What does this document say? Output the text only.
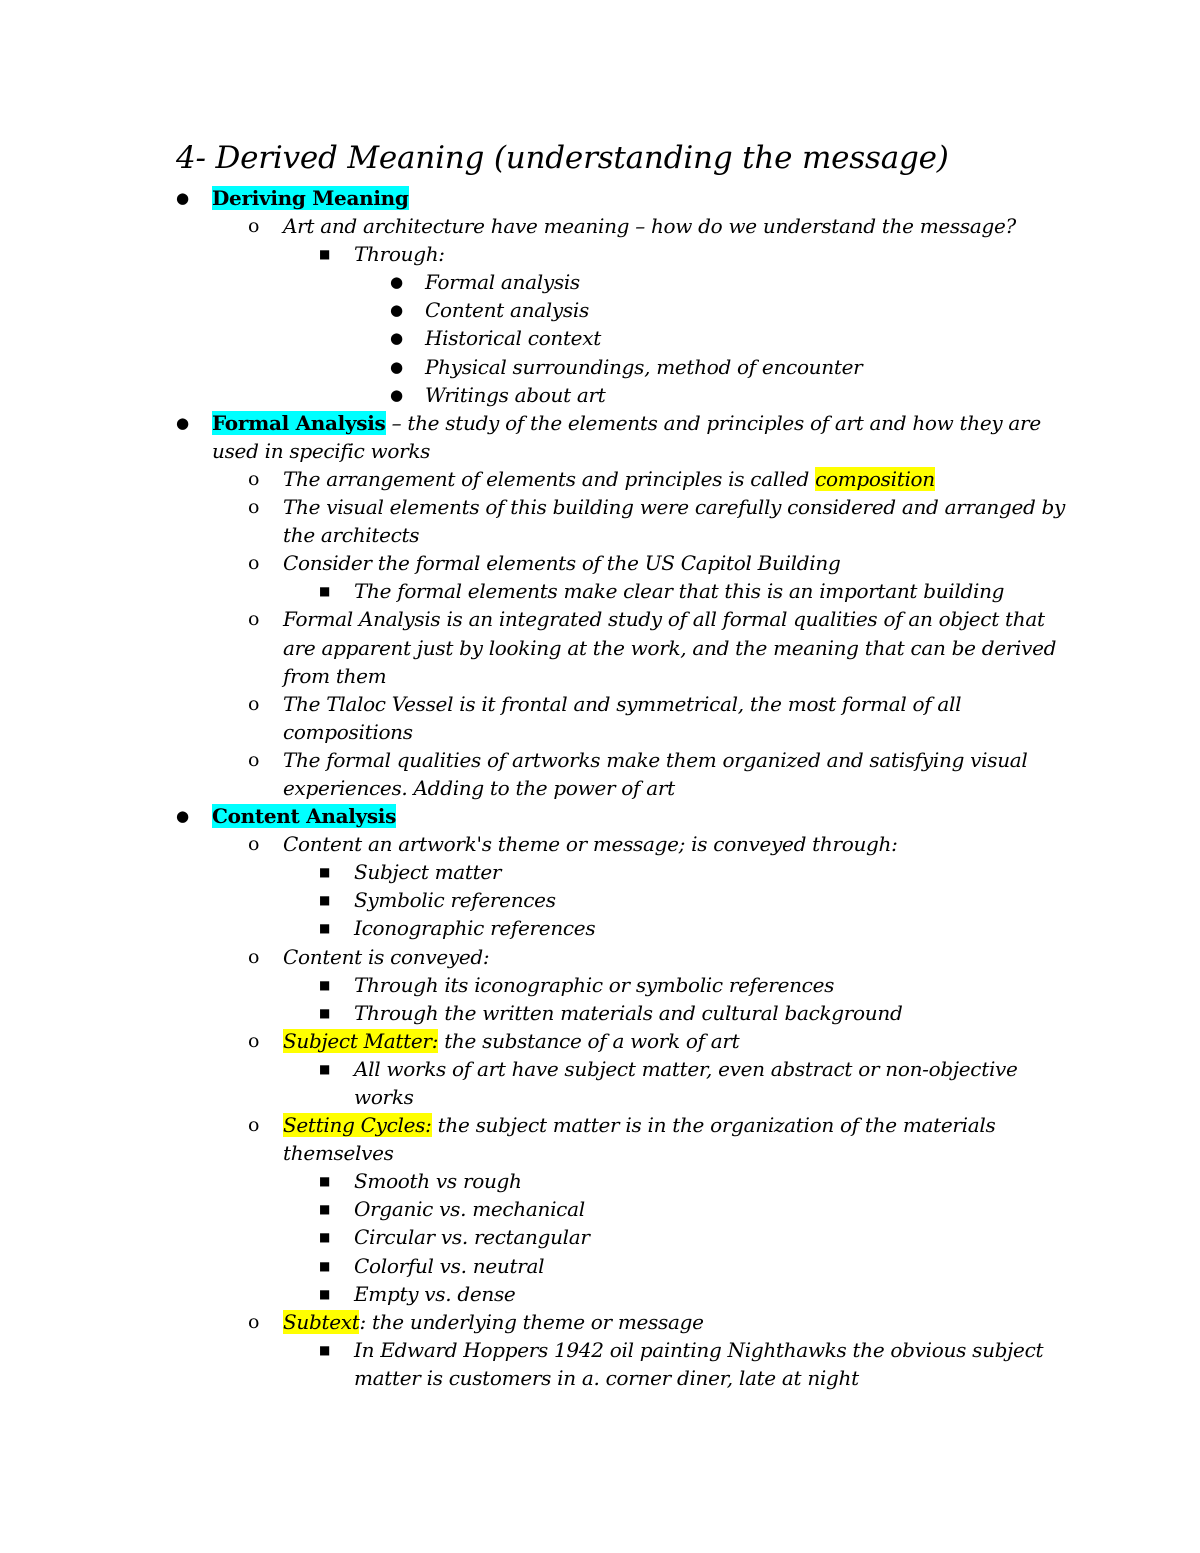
4- Derived Meaning (understanding the message)
● Deriving Meaning
o Art and architecture have meaning – how do we understand the message?
■ Through:
● Formal analysis
● Content analysis
● Historical context
● Physical surroundings, method of encounter
● Writings about art
● Formal Analysis – the study of the elements and principles of art and how they are
used in specific works
o The arrangement of elements and principles is called composition
o The visual elements of this building were carefully considered and arranged by
the architects
o Consider the formal elements of the US Capitol Building
■ The formal elements make clear that this is an important building
o Formal Analysis is an integrated study of all formal qualities of an object that
are apparent just by looking at the work, and the meaning that can be derived
from them
o The Tlaloc Vessel is it frontal and symmetrical, the most formal of all
compositions
o The formal qualities of artworks make them organized and satisfying visual
experiences. Adding to the power of art
● Content Analysis
o Content an artwork's theme or message; is conveyed through:
■ Subject matter
■ Symbolic references
■ Iconographic references
o Content is conveyed:
■ Through its iconographic or symbolic references
■ Through the written materials and cultural background
o Subject Matter: the substance of a work of art
■ All works of art have subject matter, even abstract or non-objective
works
o Setting Cycles: the subject matter is in the organization of the materials
themselves
■ Smooth vs rough
■ Organic vs. mechanical
■ Circular vs. rectangular
■ Colorful vs. neutral
■ Empty vs. dense
o Subtext: the underlying theme or message
■ In Edward Hoppers 1942 oil painting Nighthawks the obvious subject
matter is customers in a. corner diner, late at night
